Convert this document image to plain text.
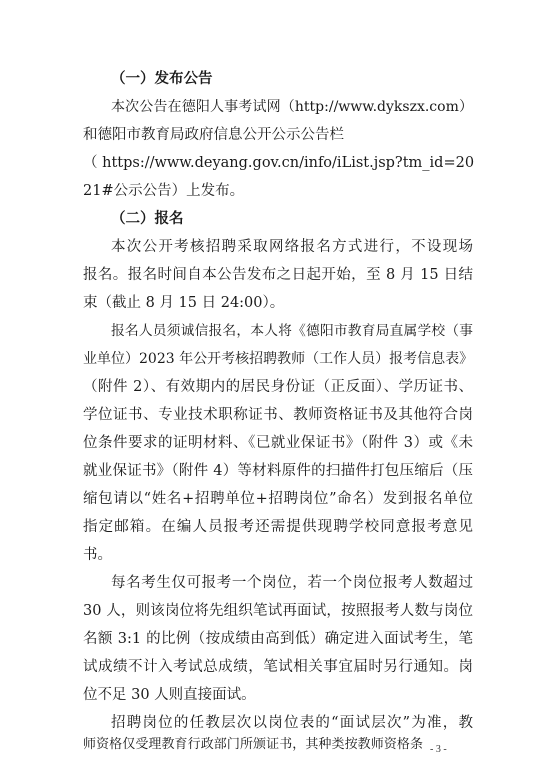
（一）发布公告
本次公告在德阳人事考试网（http://www.dykszx.com）
和德阳市教育局政府信息公开公示公告栏
（ https://www.deyang.gov.cn/info/iList.jsp?tm_id=20
21#公示公告）上发布。
（二）报名
本次公开考核招聘采取网络报名方式进行，不设现场
报名。报名时间自本公告发布之日起开始，至 8 月 15 日结
束（截止 8 月 15 日 24:00）。
报名人员须诚信报名，本人将《德阳市教育局直属学校（事
业单位）2023 年公开考核招聘教师（工作人员）报考信息表》
（附件 2）、有效期内的居民身份证（正反面）、学历证书、
学位证书、专业技术职称证书、教师资格证书及其他符合岗
位条件要求的证明材料、《已就业保证书》（附件 3）或《未
就业保证书》（附件 4）等材料原件的扫描件打包压缩后（压
缩包请以“姓名+招聘单位+招聘岗位”命名）发到报名单位
指定邮箱。在编人员报考还需提供现聘学校同意报考意见
书。
每名考生仅可报考一个岗位，若一个岗位报考人数超过
30 人，则该岗位将先组织笔试再面试，按照报考人数与岗位
名额 3:1 的比例（按成绩由高到低）确定进入面试考生，笔
试成绩不计入考试总成绩，笔试相关事宜届时另行通知。岗
位不足 30 人则直接面试。
招聘岗位的任教层次以岗位表的“面试层次”为准，教
师资格仅受理教育行政部门所颁证书，其种类按教师资格条 - 3 -
